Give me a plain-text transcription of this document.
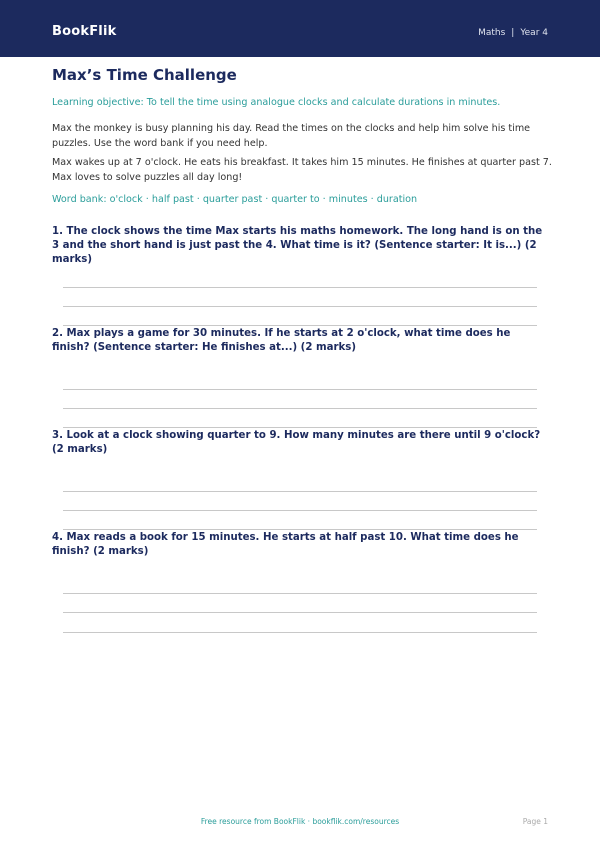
BookFlik	Maths | Year 4
Max’s Time Challenge
Learning objective: To tell the time using analogue clocks and calculate durations in minutes.
Max the monkey is busy planning his day. Read the times on the clocks and help him solve his time puzzles. Use the word bank if you need help.
Max wakes up at 7 o'clock. He eats his breakfast. It takes him 15 minutes. He finishes at quarter past 7. Max loves to solve puzzles all day long!
Word bank: o'clock · half past · quarter past · quarter to · minutes · duration
1. The clock shows the time Max starts his maths homework. The long hand is on the 3 and the short hand is just past the 4. What time is it? (Sentence starter: It is...) (2 marks)
2. Max plays a game for 30 minutes. If he starts at 2 o'clock, what time does he finish? (Sentence starter: He finishes at...) (2 marks)
3. Look at a clock showing quarter to 9. How many minutes are there until 9 o'clock? (2 marks)
4. Max reads a book for 15 minutes. He starts at half past 10. What time does he finish? (2 marks)
Free resource from BookFlik · bookflik.com/resources	Page 1
